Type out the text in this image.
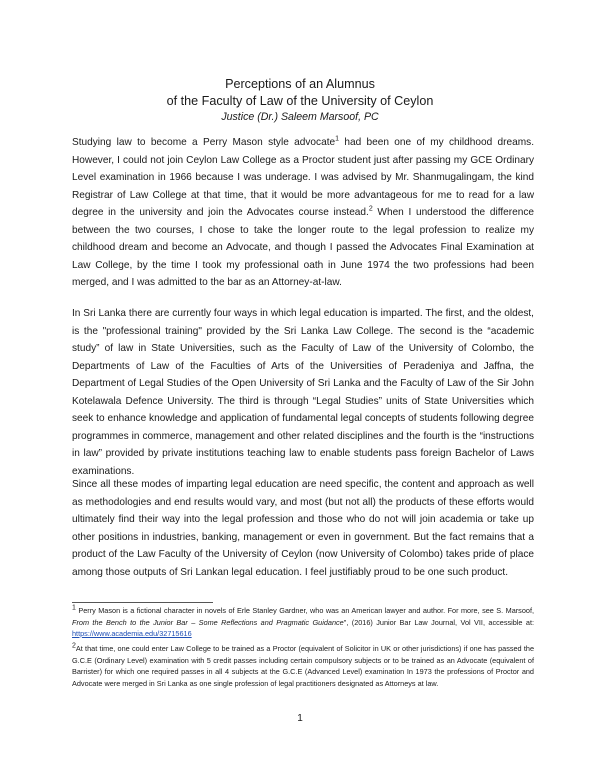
Perceptions of an Alumnus
of the Faculty of Law of the University of Ceylon
Justice (Dr.) Saleem Marsoof, PC
Studying law to become a Perry Mason style advocate$^1$ had been one of my childhood dreams. However, I could not join Ceylon Law College as a Proctor student just after passing my GCE Ordinary Level examination in 1966 because I was underage. I was advised by Mr. Shanmugalingam, the kind Registrar of Law College at that time, that it would be more advantageous for me to read for a law degree in the university and join the Advocates course instead.$^2$ When I understood the difference between the two courses, I chose to take the longer route to the legal profession to realize my childhood dream and become an Advocate, and though I passed the Advocates Final Examination at Law College, by the time I took my professional oath in June 1974 the two professions had been merged, and I was admitted to the bar as an Attorney-at-law.
In Sri Lanka there are currently four ways in which legal education is imparted. The first, and the oldest, is the "professional training" provided by the Sri Lanka Law College. The second is the “academic study” of law in State Universities, such as the Faculty of Law of the University of Colombo, the Departments of Law of the Faculties of Arts of the Universities of Peradeniya and Jaffna, the Department of Legal Studies of the Open University of Sri Lanka and the Faculty of Law of the Sir John Kotelawala Defence University. The third is through “Legal Studies” units of State Universities which seek to enhance knowledge and application of fundamental legal concepts of students following degree programmes in commerce, management and other related disciplines and the fourth is the “instructions in law” provided by private institutions teaching law to enable students pass foreign Bachelor of Laws examinations.
Since all these modes of imparting legal education are need specific, the content and approach as well as methodologies and end results would vary, and most (but not all) the products of these efforts would ultimately find their way into the legal profession and those who do not will join academia or take up other positions in industries, banking, management or even in government. But the fact remains that a product of the Law Faculty of the University of Ceylon (now University of Colombo) takes pride of place among those outputs of Sri Lankan legal education. I feel justifiably proud to be one such product.
$^1$ Perry Mason is a fictional character in novels of Erle Stanley Gardner, who was an American lawyer and author. For more, see S. Marsoof, From the Bench to the Junior Bar – Some Reflections and Pragmatic Guidance", (2016) Junior Bar Law Journal, Vol VII, accessible at: https://www.academia.edu/32715616
$^2$At that time, one could enter Law College to be trained as a Proctor (equivalent of Solicitor in UK or other jurisdictions) if one has passed the G.C.E (Ordinary Level) examination with 5 credit passes including certain compulsory subjects or to be trained as an Advocate (equivalent of Barrister) for which one required passes in all 4 subjects at the G.C.E (Advanced Level) examination In 1973 the professions of Proctor and Advocate were merged in Sri Lanka as one single profession of legal practitioners designated as Attorneys at law.
1
